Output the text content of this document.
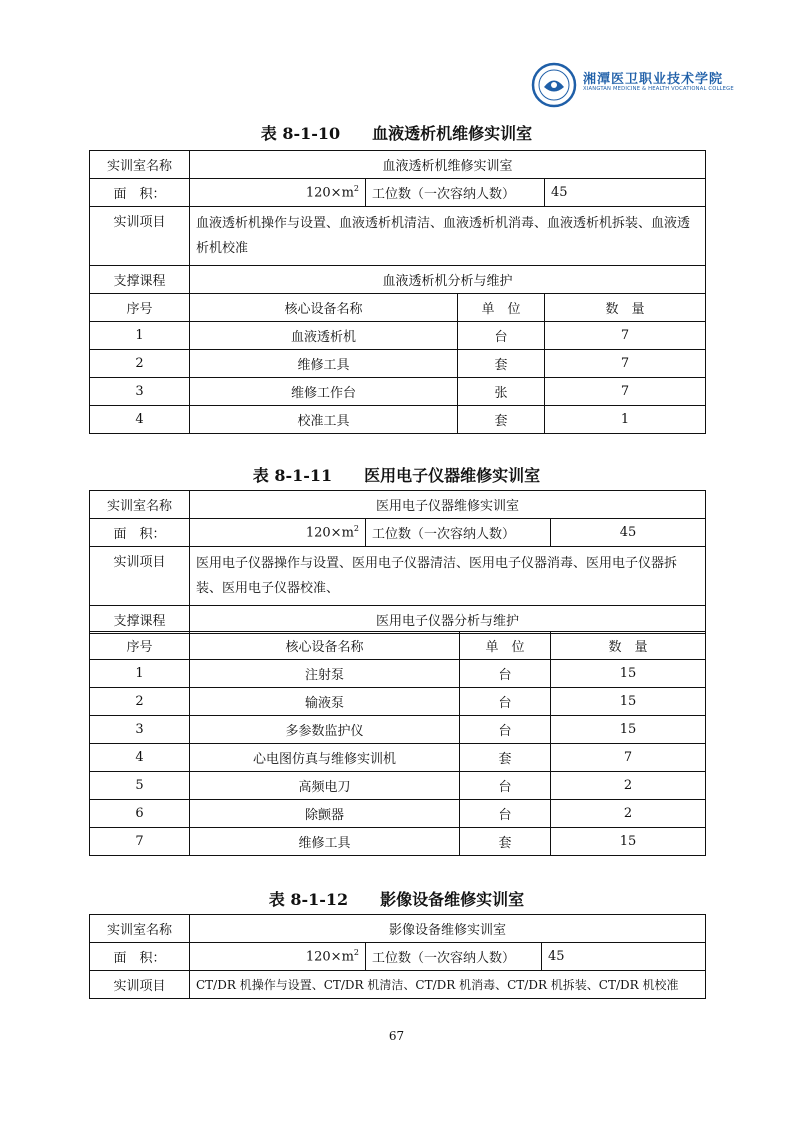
湘潭医卫职业技术学院
XIANGTAN MEDICINE & HEALTH VOCATIONAL COLLEGE
表 8-1-10　　血液透析机维修实训室
实训室名称	血液透析机维修实训室			
面　积：	$120\times m^2$	工位数（一次容纳人数）		45
实训项目	血液透析机操作与设置、血液透析机清洁、血液透析机消毒、血液透析机拆装、血液透析机校准			
支撑课程	血液透析机分析与维护			
序号	核心设备名称		单　位	数　量
1	血液透析机		台	7
2	维修工具		套	7
3	维修工作台		张	7
4	校准工具		套	1
表 8-1-11　　医用电子仪器维修实训室
实训室名称	医用电子仪器维修实训室		
面　积：	$120\times m^2$	工位数（一次容纳人数）	45
实训项目	医用电子仪器操作与设置、医用电子仪器清洁、医用电子仪器消毒、医用电子仪器拆装、医用电子仪器校准、		
支撑课程	医用电子仪器分析与维护		
序号	核心设备名称	单　位	数　量
1	注射泵	台	15
2	输液泵	台	15
3	多参数监护仪	台	15
4	心电图仿真与维修实训机	套	7
5	高频电刀	台	2
6	除颤器	台	2
7	维修工具	套	15
表 8-1-12　　影像设备维修实训室
实训室名称	影像设备维修实训室		
面　积：	$120\times m^2$	工位数（一次容纳人数）	45
实训项目	CT/DR 机操作与设置、CT/DR 机清洁、CT/DR 机消毒、CT/DR 机拆装、CT/DR 机校准		
67
